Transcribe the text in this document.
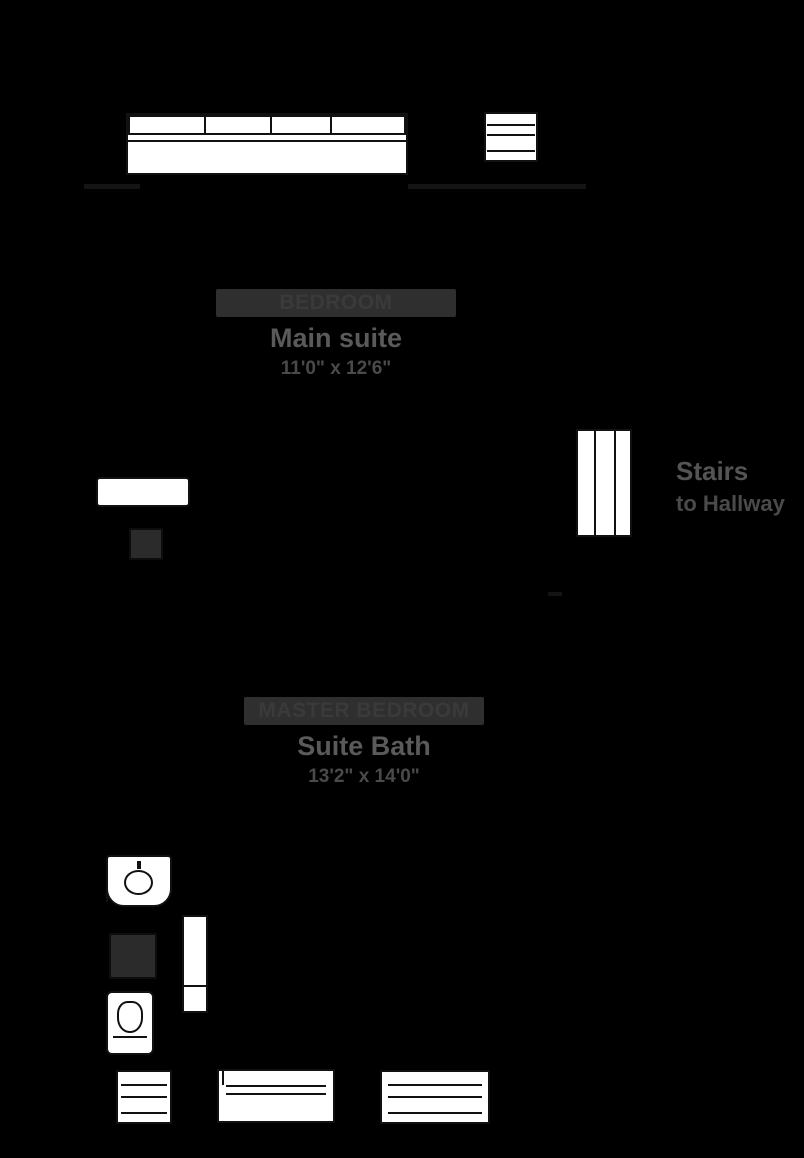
BEDROOM
Main suite
11'0" x 12'6"
Stairs
to Hallway
MASTER BEDROOM
Suite Bath
13'2" x 14'0"
